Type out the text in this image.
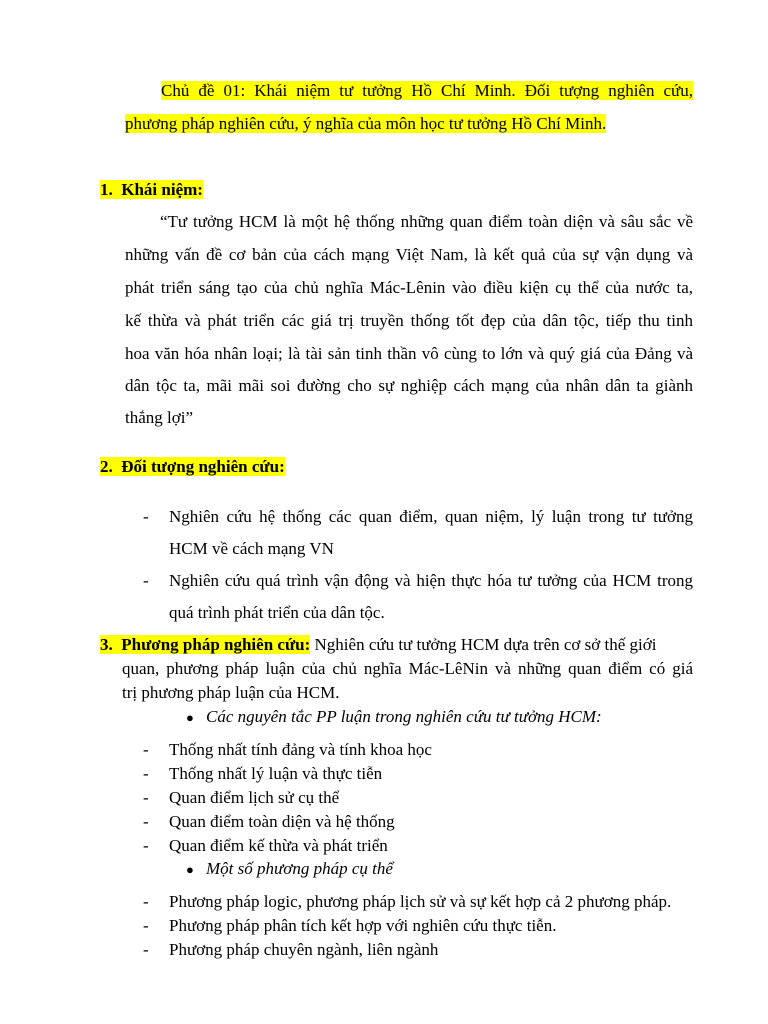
Chủ đề 01: Khái niệm tư tưởng Hồ Chí Minh. Đối tượng nghiên cứu,
phương pháp nghiên cứu, ý nghĩa của môn học tư tưởng Hồ Chí Minh.
1. Khái niệm:
“Tư tưởng HCM là một hệ thống những quan điểm toàn diện và sâu sắc về
những vấn đề cơ bản của cách mạng Việt Nam, là kết quả của sự vận dụng và
phát triển sáng tạo của chủ nghĩa Mác-Lênin vào điều kiện cụ thể của nước ta,
kế thừa và phát triển các giá trị truyền thống tốt đẹp của dân tộc, tiếp thu tinh
hoa văn hóa nhân loại; là tài sản tinh thần vô cùng to lớn và quý giá của Đảng và
dân tộc ta, mãi mãi soi đường cho sự nghiệp cách mạng của nhân dân ta giành
thắng lợi”
2. Đối tượng nghiên cứu:
- Nghiên cứu hệ thống các quan điểm, quan niệm, lý luận trong tư tưởng
HCM về cách mạng VN
- Nghiên cứu quá trình vận động và hiện thực hóa tư tưởng của HCM trong
quá trình phát triển của dân tộc.
3. Phương pháp nghiên cứu: Nghiên cứu tư tưởng HCM dựa trên cơ sở thế giới
quan, phương pháp luận của chủ nghĩa Mác-LêNin và những quan điểm có giá
trị phương pháp luận của HCM.
● Các nguyên tắc PP luận trong nghiên cứu tư tưởng HCM:
- Thống nhất tính đảng và tính khoa học
- Thống nhất lý luận và thực tiễn
- Quan điểm lịch sử cụ thể
- Quan điểm toàn diện và hệ thống
- Quan điểm kế thừa và phát triển
● Một số phương pháp cụ thể
- Phương pháp logic, phương pháp lịch sử và sự kết hợp cả 2 phương pháp.
- Phương pháp phân tích kết hợp với nghiên cứu thực tiễn.
- Phương pháp chuyên ngành, liên ngành
